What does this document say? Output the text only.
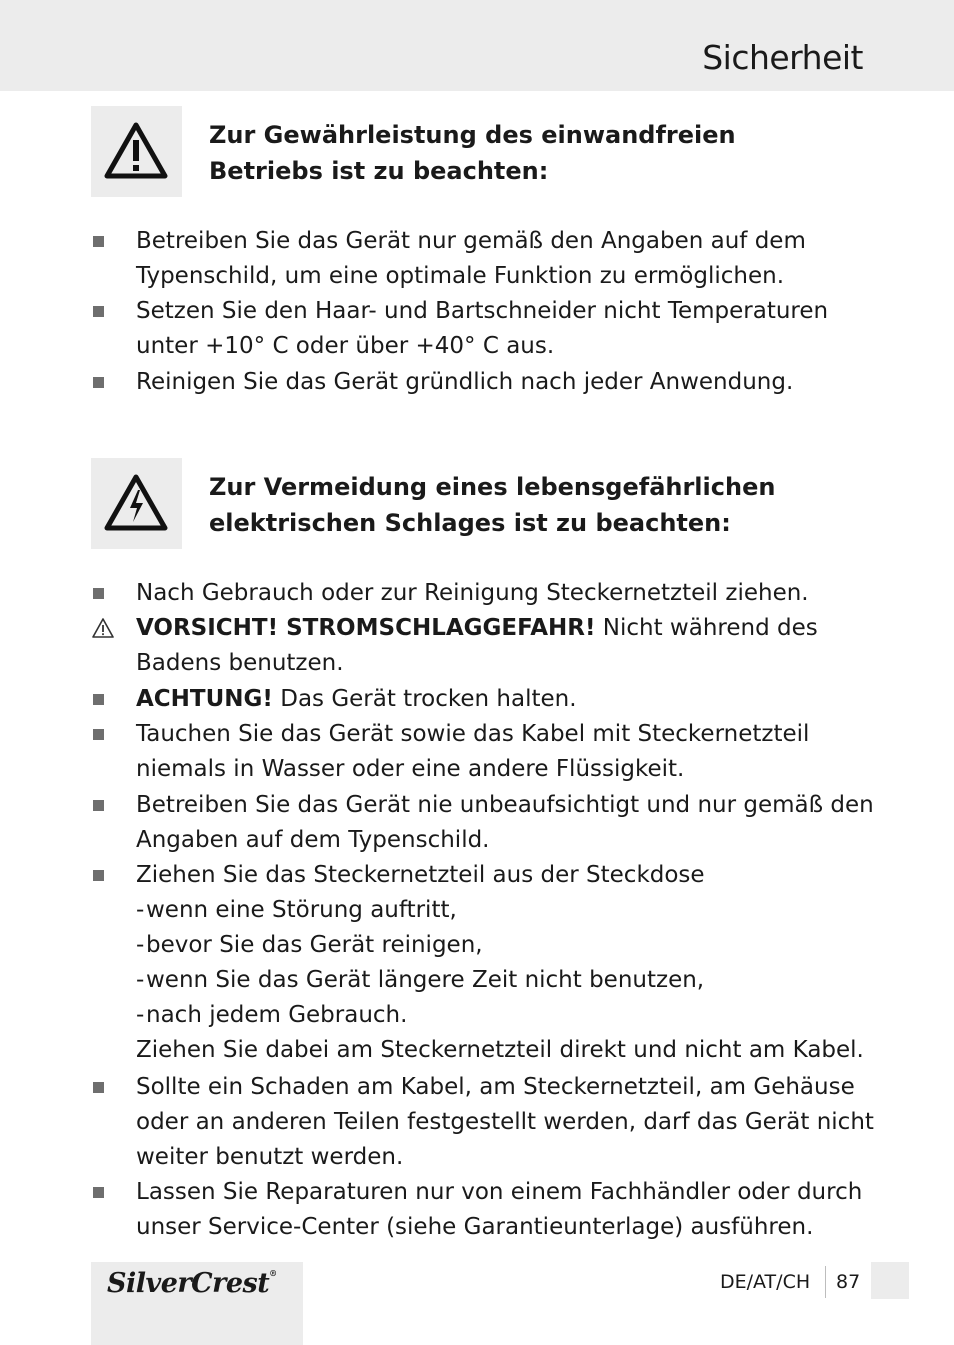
Sicherheit
Zur Gewährleistung des einwandfreien
Betriebs ist zu beachten:
Betreiben Sie das Gerät nur gemäß den Angaben auf dem
Typenschild, um eine optimale Funktion zu ermöglichen.
Setzen Sie den Haar- und Bartschneider nicht Temperaturen
unter +10° C oder über +40° C aus.
Reinigen Sie das Gerät gründlich nach jeder Anwendung.
Zur Vermeidung eines lebensgefährlichen
elektrischen Schlages ist zu beachten:
Nach Gebrauch oder zur Reinigung Steckernetzteil ziehen.
VORSICHT! STROMSCHLAGGEFAHR! Nicht während des
Badens benutzen.
ACHTUNG! Das Gerät trocken halten.
Tauchen Sie das Gerät sowie das Kabel mit Steckernetzteil
niemals in Wasser oder eine andere Flüssigkeit.
Betreiben Sie das Gerät nie unbeaufsichtigt und nur gemäß den
Angaben auf dem Typenschild.
Ziehen Sie das Steckernetzteil aus der Steckdose
- wenn eine Störung auftritt,
- bevor Sie das Gerät reinigen,
- wenn Sie das Gerät längere Zeit nicht benutzen,
- nach jedem Gebrauch.
Ziehen Sie dabei am Steckernetzteil direkt und nicht am Kabel.
Sollte ein Schaden am Kabel, am Steckernetzteil, am Gehäuse
oder an anderen Teilen festgestellt werden, darf das Gerät nicht
weiter benutzt werden.
Lassen Sie Reparaturen nur von einem Fachhändler oder durch
unser Service-Center (siehe Garantieunterlage) ausführen.
SilverCrest®	DE/AT/CH 87
